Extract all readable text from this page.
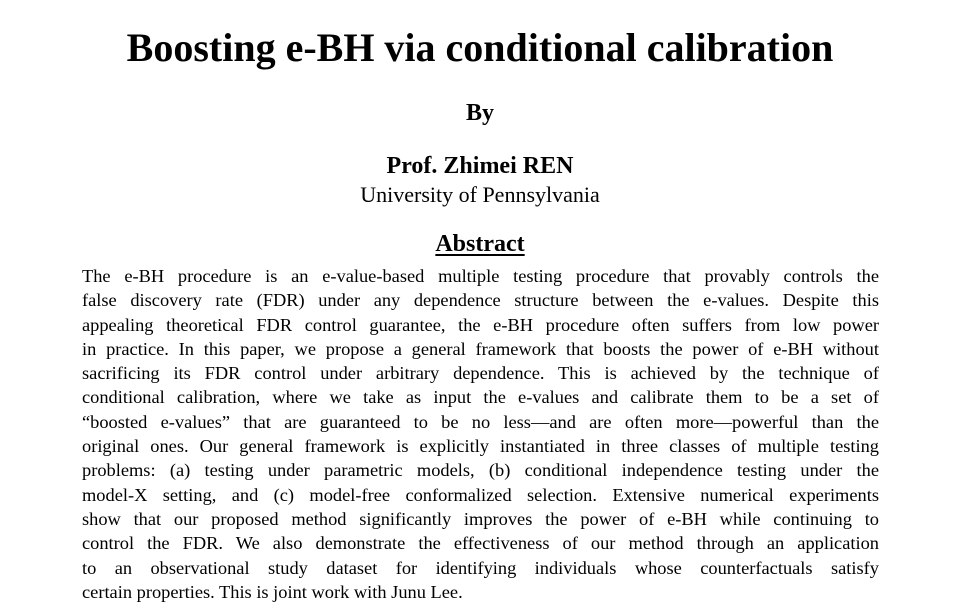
Boosting e-BH via conditional calibration
By
Prof. Zhimei REN
University of Pennsylvania
Abstract
The e-BH procedure is an e-value-based multiple testing procedure that provably controls the
false discovery rate (FDR) under any dependence structure between the e-values. Despite this
appealing theoretical FDR control guarantee, the e-BH procedure often suffers from low power
in practice. In this paper, we propose a general framework that boosts the power of e-BH without
sacrificing its FDR control under arbitrary dependence. This is achieved by the technique of
conditional calibration, where we take as input the e-values and calibrate them to be a set of
“boosted e-values” that are guaranteed to be no less—and are often more—powerful than the
original ones. Our general framework is explicitly instantiated in three classes of multiple testing
problems: (a) testing under parametric models, (b) conditional independence testing under the
model-X setting, and (c) model-free conformalized selection. Extensive numerical experiments
show that our proposed method significantly improves the power of e-BH while continuing to
control the FDR. We also demonstrate the effectiveness of our method through an application
to an observational study dataset for identifying individuals whose counterfactuals satisfy
certain properties. This is joint work with Junu Lee.
